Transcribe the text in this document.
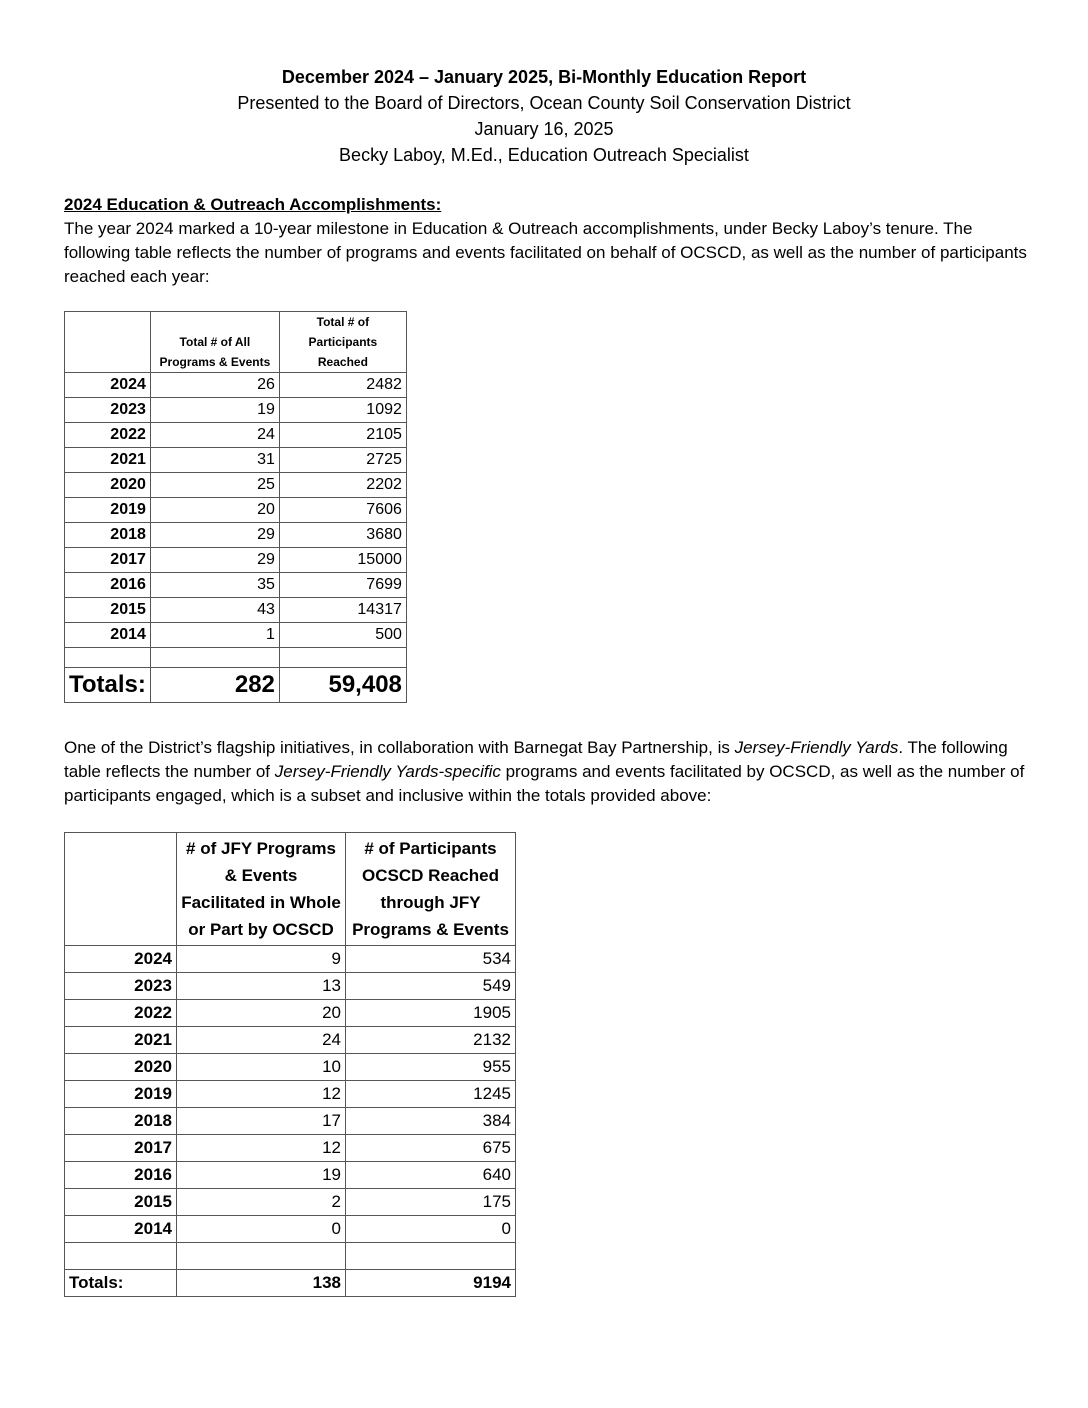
December 2024 – January 2025, Bi-Monthly Education Report
Presented to the Board of Directors, Ocean County Soil Conservation District
January 16, 2025
Becky Laboy, M.Ed., Education Outreach Specialist
2024 Education & Outreach Accomplishments:
The year 2024 marked a 10-year milestone in Education & Outreach accomplishments, under Becky Laboy’s tenure. The following table reflects the number of programs and events facilitated on behalf of OCSCD, as well as the number of participants reached each year:
	Total # of All Programs & Events	Total # of Participants Reached
2024	26	2482
2023	19	1092
2022	24	2105
2021	31	2725
2020	25	2202
2019	20	7606
2018	29	3680
2017	29	15000
2016	35	7699
2015	43	14317
2014	1	500

Totals:	282	59,408
One of the District’s flagship initiatives, in collaboration with Barnegat Bay Partnership, is Jersey-Friendly Yards. The following table reflects the number of Jersey-Friendly Yards-specific programs and events facilitated by OCSCD, as well as the number of participants engaged, which is a subset and inclusive within the totals provided above:
	# of JFY Programs & Events Facilitated in Whole or Part by OCSCD	# of Participants OCSCD Reached through JFY Programs & Events
2024	9	534
2023	13	549
2022	20	1905
2021	24	2132
2020	10	955
2019	12	1245
2018	17	384
2017	12	675
2016	19	640
2015	2	175
2014	0	0

Totals:	138	9194
